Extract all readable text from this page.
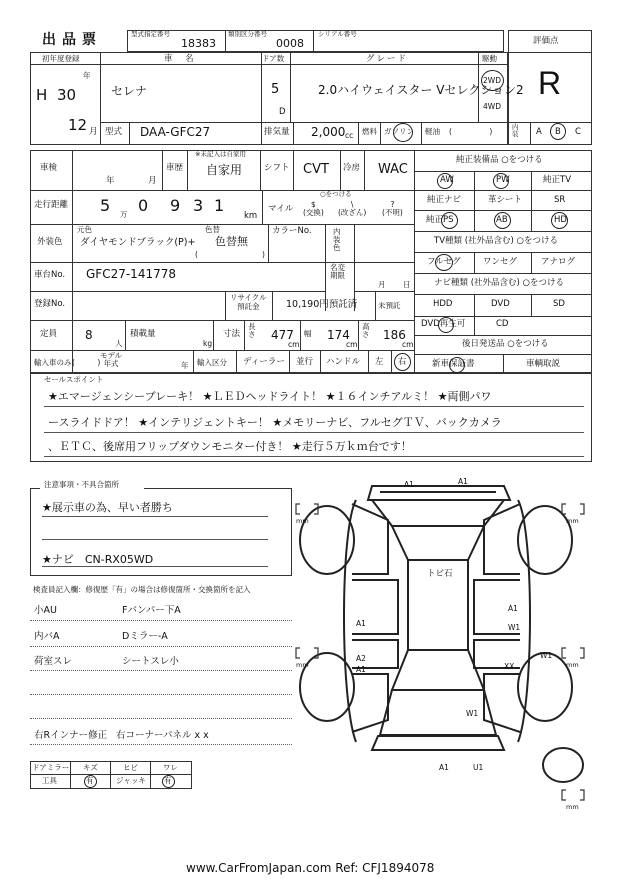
出品票	型式指定番号
18383
類別区分番号
0008
シリアル番号
評価点
R
初年度登録
H 30
年
12 月
車　名
セレナ
ドア数
5
D
グレード
2.0ハイウェイスター Vセレクション2
駆動
2WD
4WD
型式 DAA-GFC27	排気量 2,000 cc 燃料 ガソリン 軽油 (　　　　　)	内装	A B C
車検
年	月
車歴
※未記入は自家用
自家用	シフト CVT 冷房 WAC
走行距離 5 万 0 9 3 1
km
○をつける
マイル	$
(交換)
\
(改ざん)
?
(不明)
外装色
元色
ダイヤモンドブラック(P)+
色替
色替無
(	)
カラーNo.	内装色
車台No. GFC27-141778	名変
期限
月 日
登録No.
リサイクル
預託金	10,190円預託済	未預託
定員 8
人
積載量
kg
寸法
長さ 477
cm
幅 174
cm
高さ 186
cm
輸入車のみ (　　　)
モデル
年式	年 輸入区分 ディーラー 並行 ハンドル 左 右
純正装備品 ○をつける
AW	PW	純正TV
純正ナビ	革シート	SR
純正PS	AB	HD
TV種類 (社外品含む) ○をつける
フルセグ	ワンセグ	アナログ
ナビ種類 (社外品含む) ○をつける
HDD	DVD	SD
DVD再生可	CD
後日発送品 ○をつける
新車保証書	車輌取説
セールスポイント
★エマージェンシーブレーキ！ ★ＬＥＤヘッドライト！ ★１６インチアルミ！ ★両側パワ
ースライドドア！ ★インテリジェントキー！ ★メモリーナビ、フルセグＴＶ、バックカメラ
、ＥＴＣ、後席用フリップダウンモニター付き！ ★走行５万ｋｍ台です！
注意事項・不具合箇所
★展示車の為、早い者勝ち
★ナビ　CN-RX05WD
検査員記入欄：修復歴「有」の場合は修復箇所・交換箇所を記入
小AU	Fバンパー下A
内バA	Dミラー-A
荷室スレ	シートスレ小
右Rインナー修正 右コーナーパネル x x
ドアミラー キズ	ヒビ	ワレ
工具	有	ジャッキ 有
mm	mm
mm	mm
mm
A1	A1
トビ石
A1
A1	W1
A2
A1	XX
W1
W1
A1	U1
www.CarFromJapan.com Ref: CFJ1894078
